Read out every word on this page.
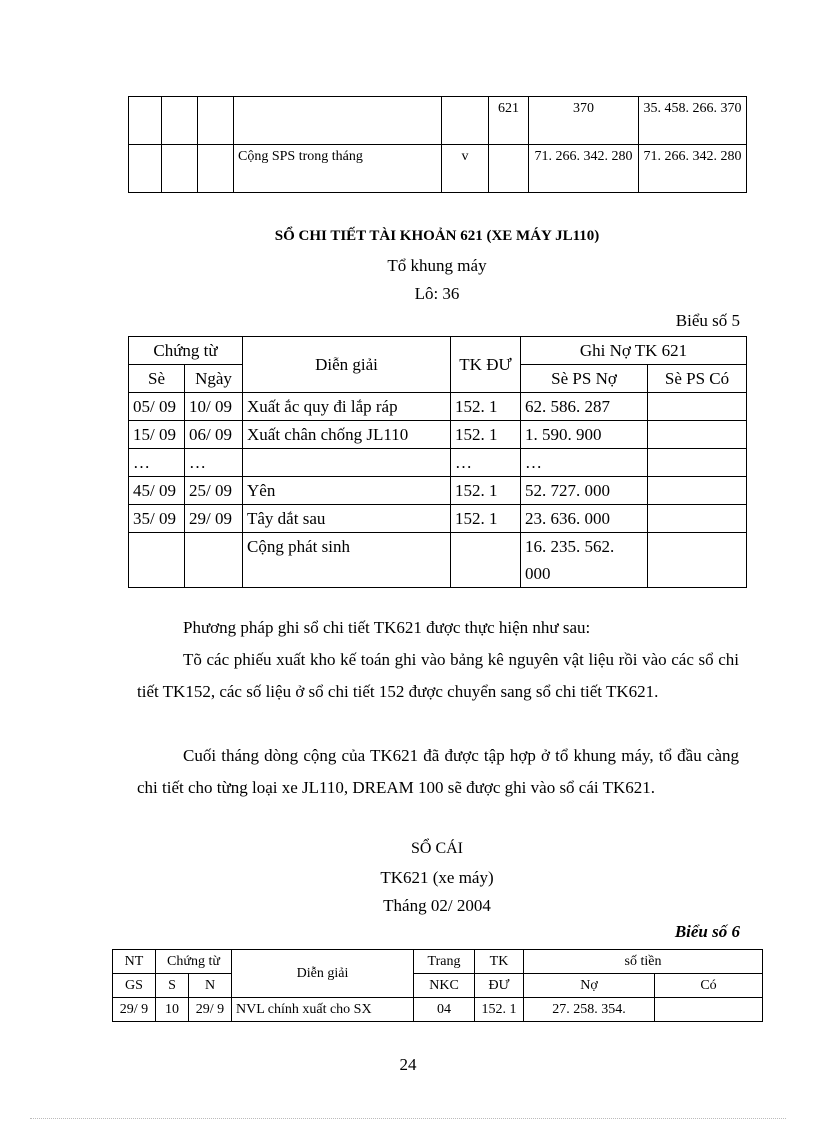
					621	370	35. 458. 266. 370
			Cộng SPS trong tháng	v		71. 266. 342. 280	71. 266. 342. 280
SỔ CHI TIẾT TÀI KHOẢN 621 (XE MÁY JL110)
Tổ khung máy
Lô: 36
Biểu số 5
Chứng từ		Diễn giải	TK ĐƯ	Ghi Nợ TK 621	
Sè	Ngày			Sè PS Nợ	Sè PS Có
05/ 09	10/ 09	Xuất ắc quy đi lắp ráp	152. 1	62. 586. 287	
15/ 09	06/ 09	Xuất chân chống JL110	152. 1	1. 590. 900	
…	…		…	…	
45/ 09	25/ 09	Yên	152. 1	52. 727. 000	
35/ 09	29/ 09	Tây dắt sau	152. 1	23. 636. 000	
		Cộng phát sinh		16. 235. 562. 000	

Phương pháp ghi sổ chi tiết TK621 được thực hiện như sau:

Tõ các phiếu xuất kho kế toán ghi vào bảng kê nguyên vật liệu rồi vào các sổ chi tiết TK152, các số liệu ở sổ chi tiết 152 được chuyển sang sổ chi tiết TK621.

Cuối tháng dòng cộng của TK621 đã được tập hợp ở tổ khung máy, tổ đầu càng chi tiết cho từng loại xe JL110, DREAM 100 sẽ được ghi vào sổ cái TK621.

SỔ CÁI
TK621 (xe máy)
Tháng 02/ 2004
Biểu số 6
NT	Chứng từ		Diễn giải	Trang	TK	số tiền	
GS	S	N		NKC	ĐƯ	Nợ	Có
29/ 9	10	29/ 9	NVL chính xuất cho SX	04	152. 1	27. 258. 354.	
24
